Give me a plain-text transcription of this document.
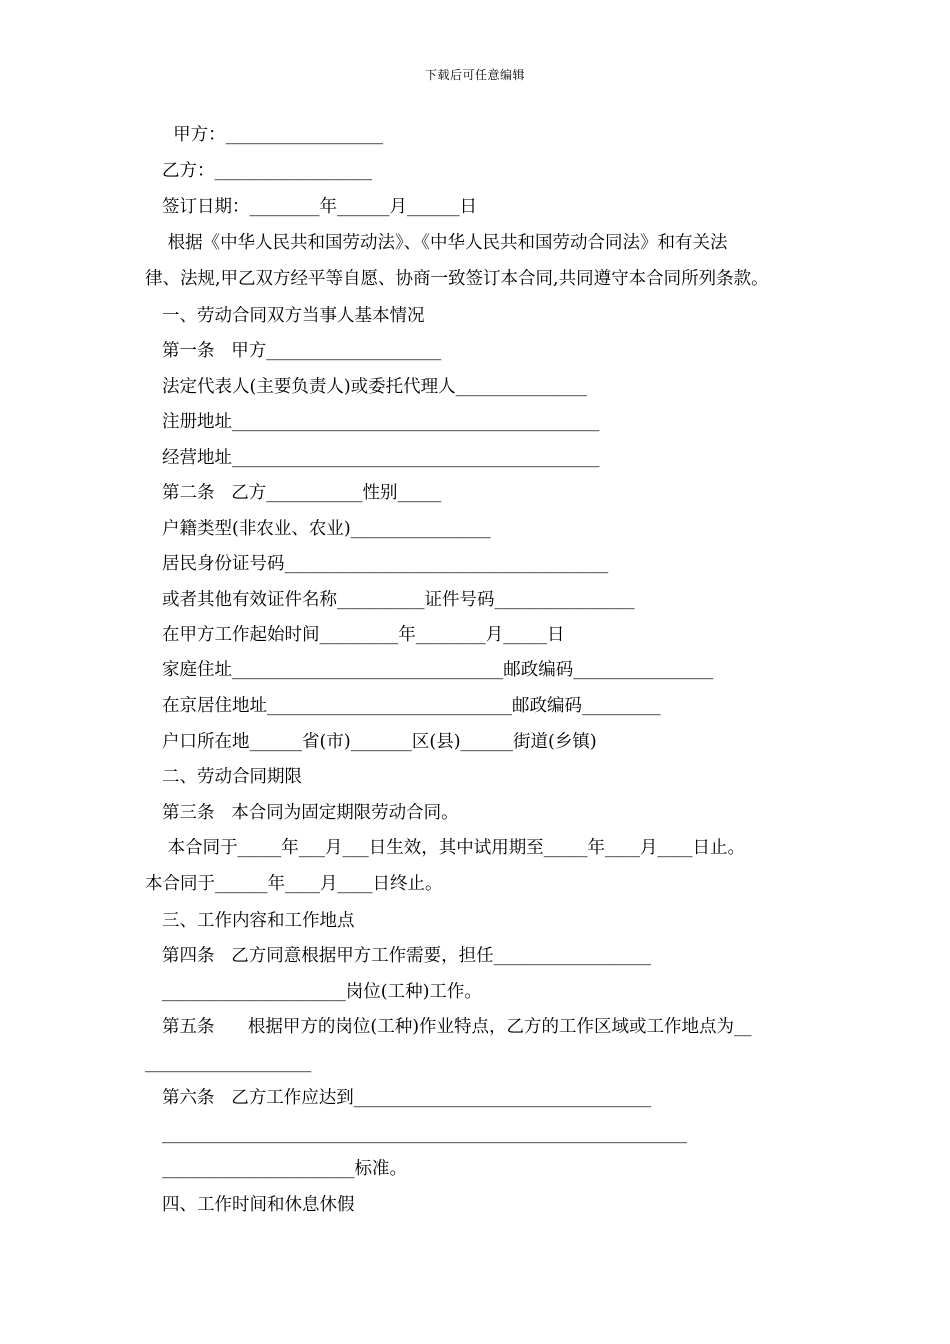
下载后可任意编辑
甲方：__________________
乙方：__________________
签订日期：________年______月______日
根据《中华人民共和国劳动法》、《中华人民共和国劳动合同法》和有关法
律、法规,甲乙双方经平等自愿、协商一致签订本合同,共同遵守本合同所列条款。
一、劳动合同双方当事人基本情况
第一条   甲方____________________
法定代表人(主要负责人)或委托代理人_______________
注册地址__________________________________________
经营地址__________________________________________
第二条   乙方___________性别_____
户籍类型(非农业、农业)________________
居民身份证号码_____________________________________
或者其他有效证件名称__________证件号码________________
在甲方工作起始时间_________年________月_____日
家庭住址_______________________________邮政编码________________
在京居住地址____________________________邮政编码_________
户口所在地______省(市)_______区(县)______街道(乡镇)
二、劳动合同期限
第三条   本合同为固定期限劳动合同。
本合同于_____年___月___日生效，其中试用期至_____年____月____日止。
本合同于______年____月____日终止。
三、工作内容和工作地点
第四条   乙方同意根据甲方工作需要，担任__________________
_____________________岗位(工种)工作。
第五条      根据甲方的岗位(工种)作业特点，乙方的工作区域或工作地点为__
___________________
第六条   乙方工作应达到__________________________________
____________________________________________________________
______________________标准。
四、工作时间和休息休假
